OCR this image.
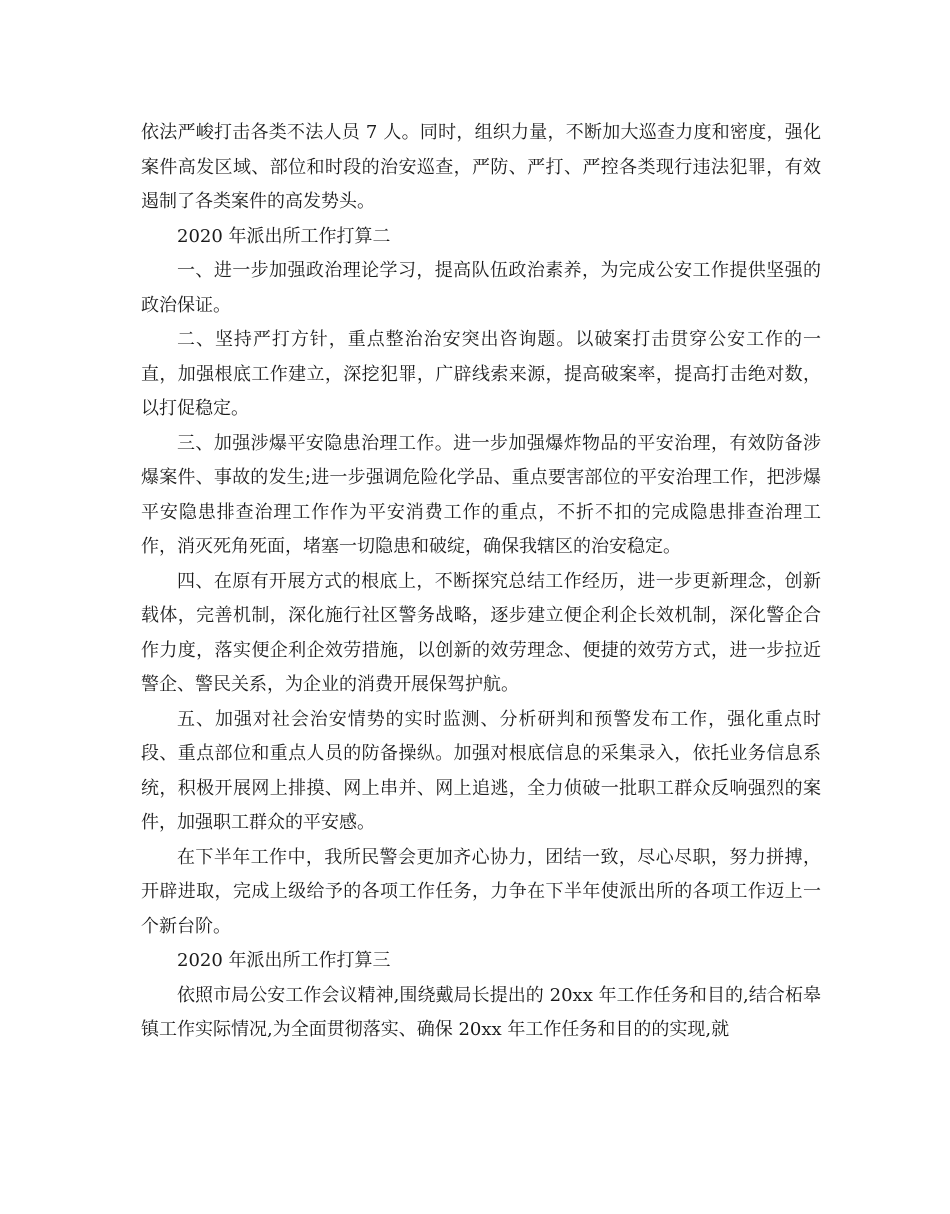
依法严峻打击各类不法人员 7 人。同时，组织力量，不断加大巡查力度和密度，强化案件高发区域、部位和时段的治安巡查，严防、严打、严控各类现行违法犯罪，有效遏制了各类案件的高发势头。

2020 年派出所工作打算二

一、进一步加强政治理论学习，提高队伍政治素养，为完成公安工作提供坚强的政治保证。

二、坚持严打方针，重点整治治安突出咨询题。以破案打击贯穿公安工作的一直，加强根底工作建立，深挖犯罪，广辟线索来源，提高破案率，提高打击绝对数，以打促稳定。

三、加强涉爆平安隐患治理工作。进一步加强爆炸物品的平安治理，有效防备涉爆案件、事故的发生;进一步强调危险化学品、重点要害部位的平安治理工作，把涉爆平安隐患排查治理工作作为平安消费工作的重点，不折不扣的完成隐患排查治理工作，消灭死角死面，堵塞一切隐患和破绽，确保我辖区的治安稳定。

四、在原有开展方式的根底上，不断探究总结工作经历，进一步更新理念，创新载体，完善机制，深化施行社区警务战略，逐步建立便企利企长效机制，深化警企合作力度，落实便企利企效劳措施，以创新的效劳理念、便捷的效劳方式，进一步拉近警企、警民关系，为企业的消费开展保驾护航。

五、加强对社会治安情势的实时监测、分析研判和预警发布工作，强化重点时段、重点部位和重点人员的防备操纵。加强对根底信息的采集录入，依托业务信息系统，积极开展网上排摸、网上串并、网上追逃，全力侦破一批职工群众反响强烈的案件，加强职工群众的平安感。

在下半年工作中，我所民警会更加齐心协力，团结一致，尽心尽职，努力拼搏，开辟进取，完成上级给予的各项工作任务，力争在下半年使派出所的各项工作迈上一个新台阶。

2020 年派出所工作打算三

依照市局公安工作会议精神,围绕戴局长提出的 20xx 年工作任务和目的,结合柘皋镇工作实际情况,为全面贯彻落实、确保 20xx 年工作任务和目的的实现,就
